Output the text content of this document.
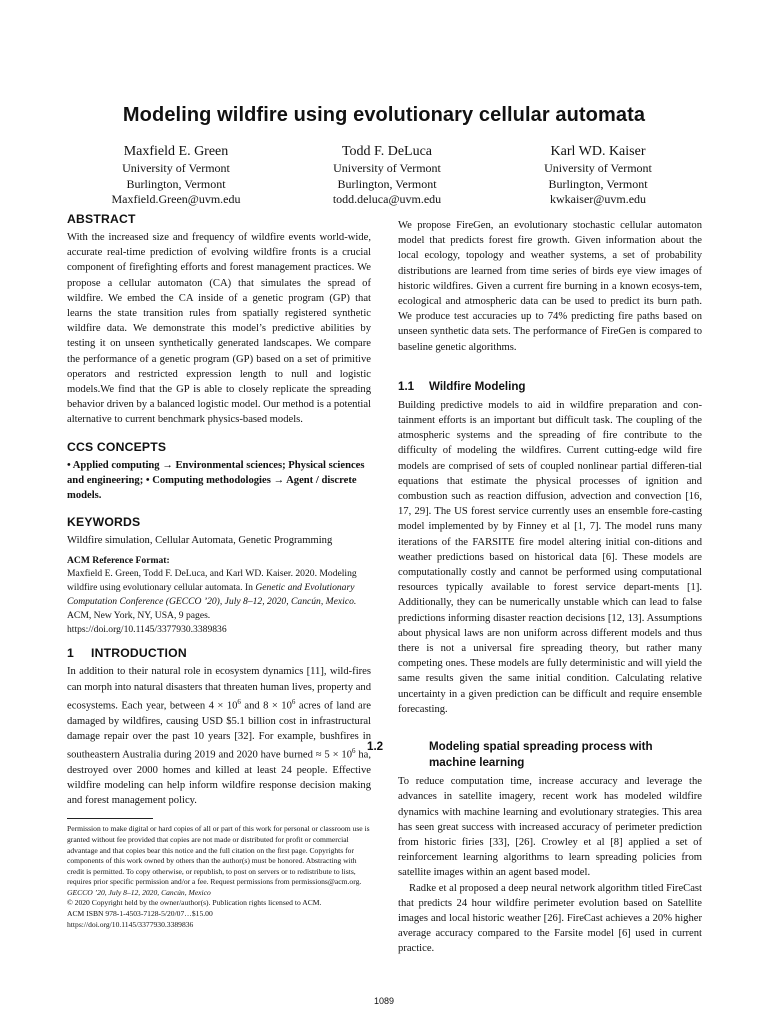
Modeling wildfire using evolutionary cellular automata
Maxfield E. Green
University of Vermont
Burlington, Vermont
Maxfield.Green@uvm.edu
Todd F. DeLuca
University of Vermont
Burlington, Vermont
todd.deluca@uvm.edu
Karl WD. Kaiser
University of Vermont
Burlington, Vermont
kwkaiser@uvm.edu
ABSTRACT

With the increased size and frequency of wildfire events world-wide, accurate real-time prediction of evolving wildfire fronts is a crucial component of firefighting efforts and forest management practices. We propose a cellular automaton (CA) that simulates the spread of wildfire. We embed the CA inside of a genetic program (GP) that learns the state transition rules from spatially registered synthetic wildfire data. We demonstrate this model’s predictive abilities by testing it on unseen synthetically generated landscapes. We compare the performance of a genetic program (GP) based on a set of primitive operators and restricted expression length to null and logistic models.We find that the GP is able to closely replicate the spreading behavior driven by a balanced logistic model. Our method is a potential alternative to current benchmark physics-based models.

CCS CONCEPTS

• Applied computing → Environmental sciences; Physical sciences and engineering; • Computing methodologies → Agent / discrete models.

KEYWORDS

Wildfire simulation, Cellular Automata, Genetic Programming

ACM Reference Format:

Maxfield E. Green, Todd F. DeLuca, and Karl WD. Kaiser. 2020. Modeling wildfire using evolutionary cellular automata. In Genetic and Evolutionary Computation Conference (GECCO ’20), July 8–12, 2020, Cancún, Mexico. ACM, New York, NY, USA, 9 pages. https://doi.org/10.1145/3377930.3389836

1 INTRODUCTION

In addition to their natural role in ecosystem dynamics [11], wild-fires can morph into natural disasters that threaten human lives, property and ecosystems. Each year, between $4 \times 10^6$ and $8 \times 10^6$ acres of land are damaged by wildfires, causing USD $5.1 billion cost in infrastructural damage repair over the past 10 years [32]. For example, bushfires in southeastern Australia during 2019 and 2020 have burned ≈ $5 \times 10^6$ ha, destroyed over 2000 homes and killed at least 24 people. Effective wildfire modeling can help inform wildfire response decision making and forest management policy.

Permission to make digital or hard copies of all or part of this work for personal or classroom use is granted without fee provided that copies are not made or distributed for profit or commercial advantage and that copies bear this notice and the full citation on the first page. Copyrights for components of this work owned by others than the author(s) must be honored. Abstracting with credit is permitted. To copy otherwise, or republish, to post on servers or to redistribute to lists, requires prior specific permission and/or a fee. Request permissions from permissions@acm.org.

GECCO ’20, July 8–12, 2020, Cancún, Mexico

© 2020 Copyright held by the owner/author(s). Publication rights licensed to ACM.

ACM ISBN 978-1-4503-7128-5/20/07…$15.00

https://doi.org/10.1145/3377930.3389836

We propose FireGen, an evolutionary stochastic cellular automaton model that predicts forest fire growth. Given information about the local ecology, topology and weather systems, a set of probability distributions are learned from time series of birds eye view images of historic wildfires. Given a current fire burning in a known ecosys-tem, ecological and atmospheric data can be used to predict its burn path. We produce test accuracies up to 74% predicting fire paths based on unseen synthetic data sets. The performance of FireGen is compared to baseline genetic algorithms.

1.1 Wildfire Modeling

Building predictive models to aid in wildfire preparation and con-tainment efforts is an important but difficult task. The coupling of the atmospheric systems and the spreading of fire contribute to the difficulty of modeling the wildfires. Current cutting-edge wild fire models are comprised of sets of coupled nonlinear partial differen-tial equations that estimate the physical processes of ignition and combustion such as reaction diffusion, advection and convection [16, 17, 29]. The US forest service currently uses an ensemble fore-casting model implemented by by Finney et al [1, 7]. The model runs many iterations of the FARSITE fire model altering initial con-ditions and weather predictions based on historical data [6]. These models are computationally costly and cannot be performed using computational resources typically available to forest service depart-ments [1]. Additionally, they can be numerically unstable which can lead to false predictions informing disaster reaction decisions [12, 13]. Assumptions about physical laws are non uniform across different models and thus there is not a universal fire spreading theory, but rather many competing ones. These models are fully deterministic and will yield the same results given the same initial condition. Calculating relative uncertainty in a given prediction can be difficult and require ensemble forecasting.

1.2	Modeling spatial spreading process with machine learning

To reduce computation time, increase accuracy and leverage the advances in satellite imagery, recent work has modeled wildfire dynamics with machine learning and evolutionary strategies. This area has seen great success with increased accuracy of perimeter prediction from historic firies [33], [26]. Crowley et al [8] applied a set of reinforcement learning algorithms to learn spreading policies from satellite images within an agent based model.

Radke et al proposed a deep neural network algorithm titled FireCast that predicts 24 hour wildfire perimeter evolution based on Satellite images and local historic weather [26]. FireCast achieves a 20% higher average accuracy compared to the Farsite model [6] used in current practice.

1089
